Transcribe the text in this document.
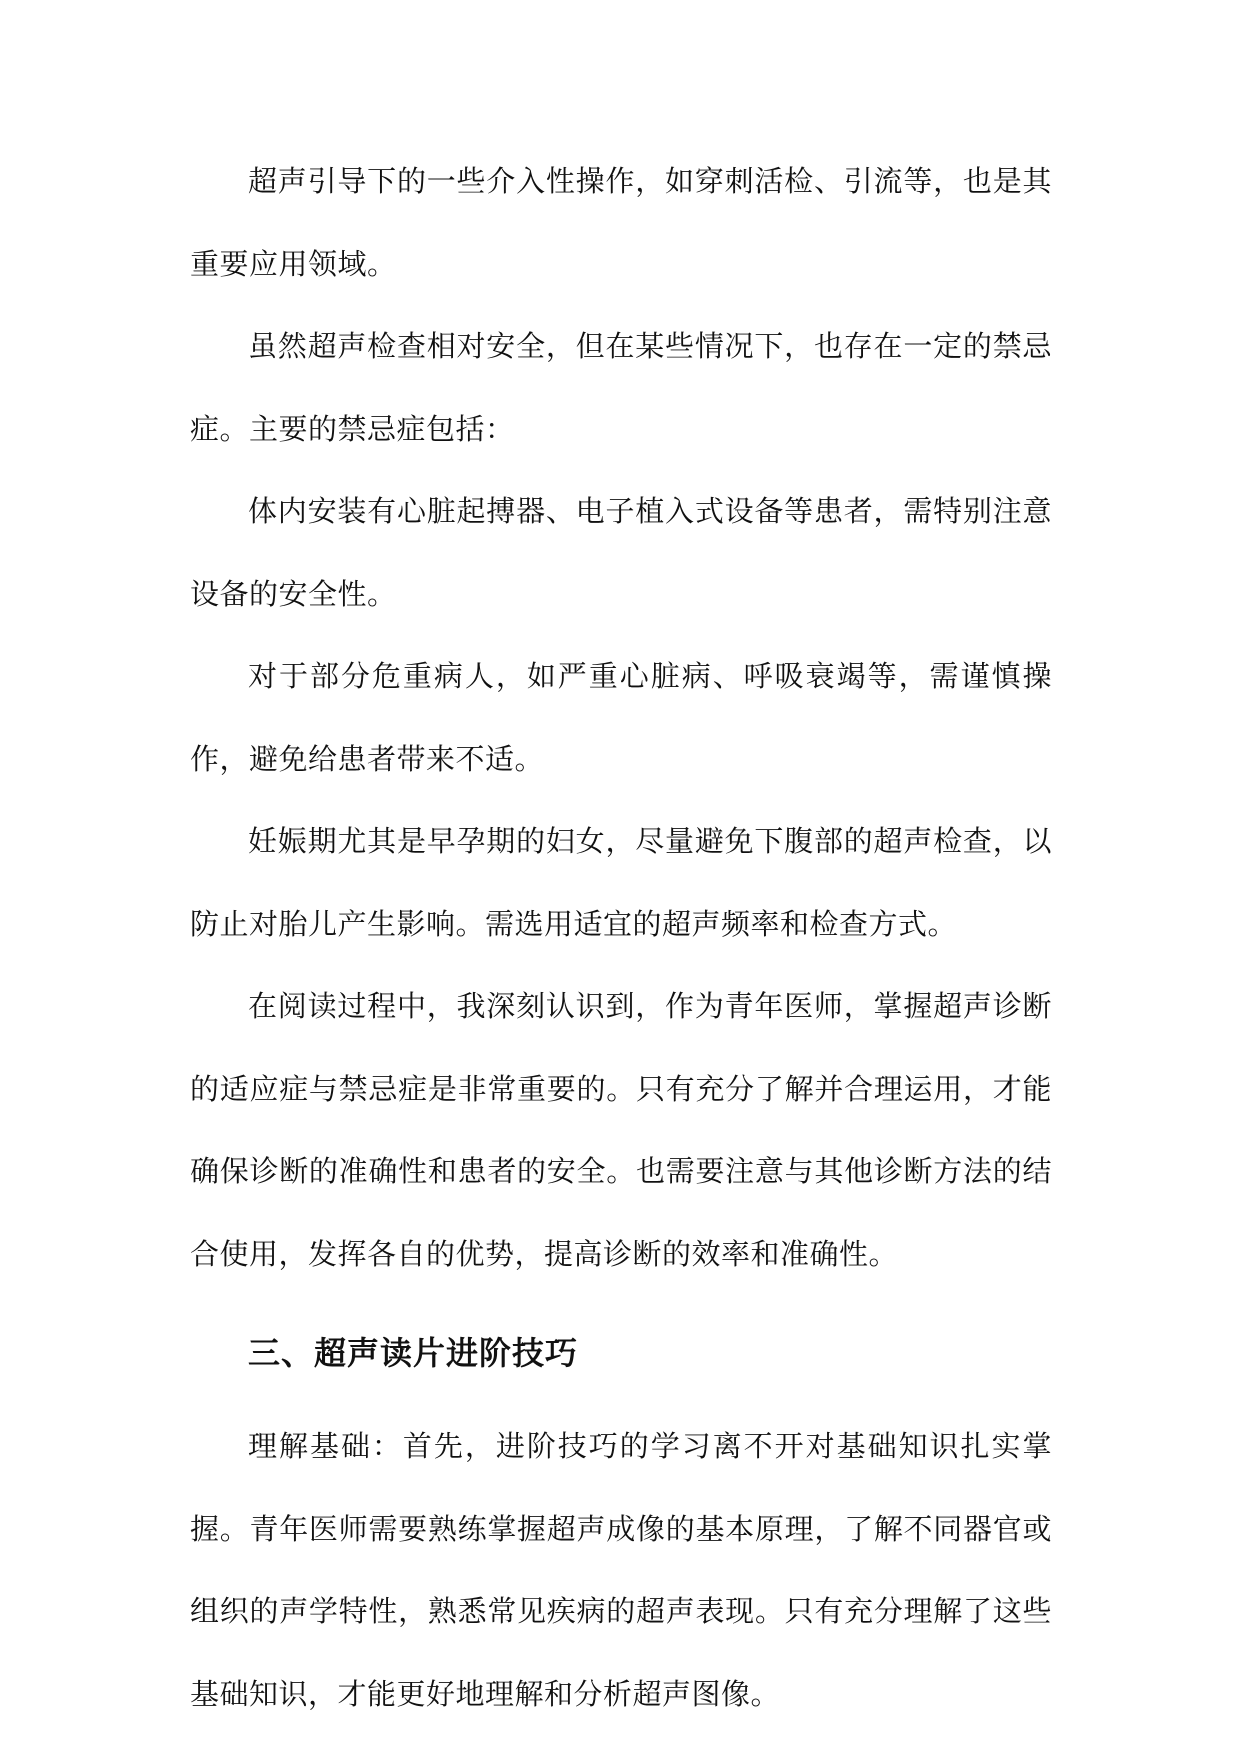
超声引导下的一些介入性操作，如穿刺活检、引流等，也是其重要应用领域。

虽然超声检查相对安全，但在某些情况下，也存在一定的禁忌症。主要的禁忌症包括：

体内安装有心脏起搏器、电子植入式设备等患者，需特别注意设备的安全性。

对于部分危重病人，如严重心脏病、呼吸衰竭等，需谨慎操作，避免给患者带来不适。

妊娠期尤其是早孕期的妇女，尽量避免下腹部的超声检查，以防止对胎儿产生影响。需选用适宜的超声频率和检查方式。

在阅读过程中，我深刻认识到，作为青年医师，掌握超声诊断的适应症与禁忌症是非常重要的。只有充分了解并合理运用，才能确保诊断的准确性和患者的安全。也需要注意与其他诊断方法的结合使用，发挥各自的优势，提高诊断的效率和准确性。

三、超声读片进阶技巧

理解基础：首先，进阶技巧的学习离不开对基础知识扎实掌握。青年医师需要熟练掌握超声成像的基本原理，了解不同器官或组织的声学特性，熟悉常见疾病的超声表现。只有充分理解了这些基础知识，才能更好地理解和分析超声图像。
